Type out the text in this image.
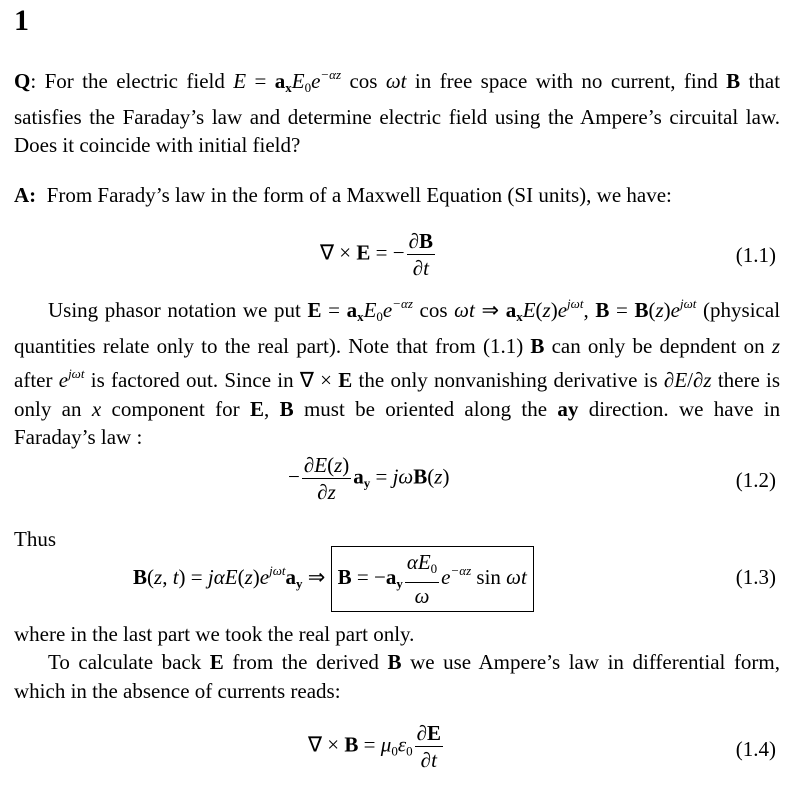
1
Q: For the electric field $E = a_xE0e^{-\alpha z}$ cos ωt in free space with no current, find B that satisfies the Faraday’s law and determine electric field using the Ampere’s circuital law. Does it coincide with initial field?
A: From Farady’s law in the form of a Maxwell Equation (SI units), we have:
∇ × E = − $\frac{\partial B}{\partial t}$	(1.1)
Using phasor notation we put $E = a_xE0e^{-\alpha z}$ cos ωt ⇒ $a_xE(z)e^{j\omega t}$, $B = B(z)e^{j\omega t}$ (physical quantities relate only to the real part). Note that from (1.1) B can only be depndent on z after $e^{j\omega t}$ is factored out. Since in ∇ × E the only nonvanishing derivative is ∂E/∂z there is only an x component for E, B must be oriented along the ay direction. we have in Faraday’s law :
− $\frac{\partial E(z)}{\partial z} a_y = j\omega B(z)$	(1.2)
Thus
B(z, $t) = j\alpha E(z)e^{j\omega t}a_y$ ⇒ $B = -a_y \frac{\alpha E0}{\omega} e^{-\alpha z}$ sin ωt	(1.3)
where in the last part we took the real part only.
To calculate back E from the derived B we use Ampere’s law in differential form, which in the absence of currents reads:
∇ × $B = \mu 0\varepsilon 0 \frac{\partial E}{\partial t}$	(1.4)
